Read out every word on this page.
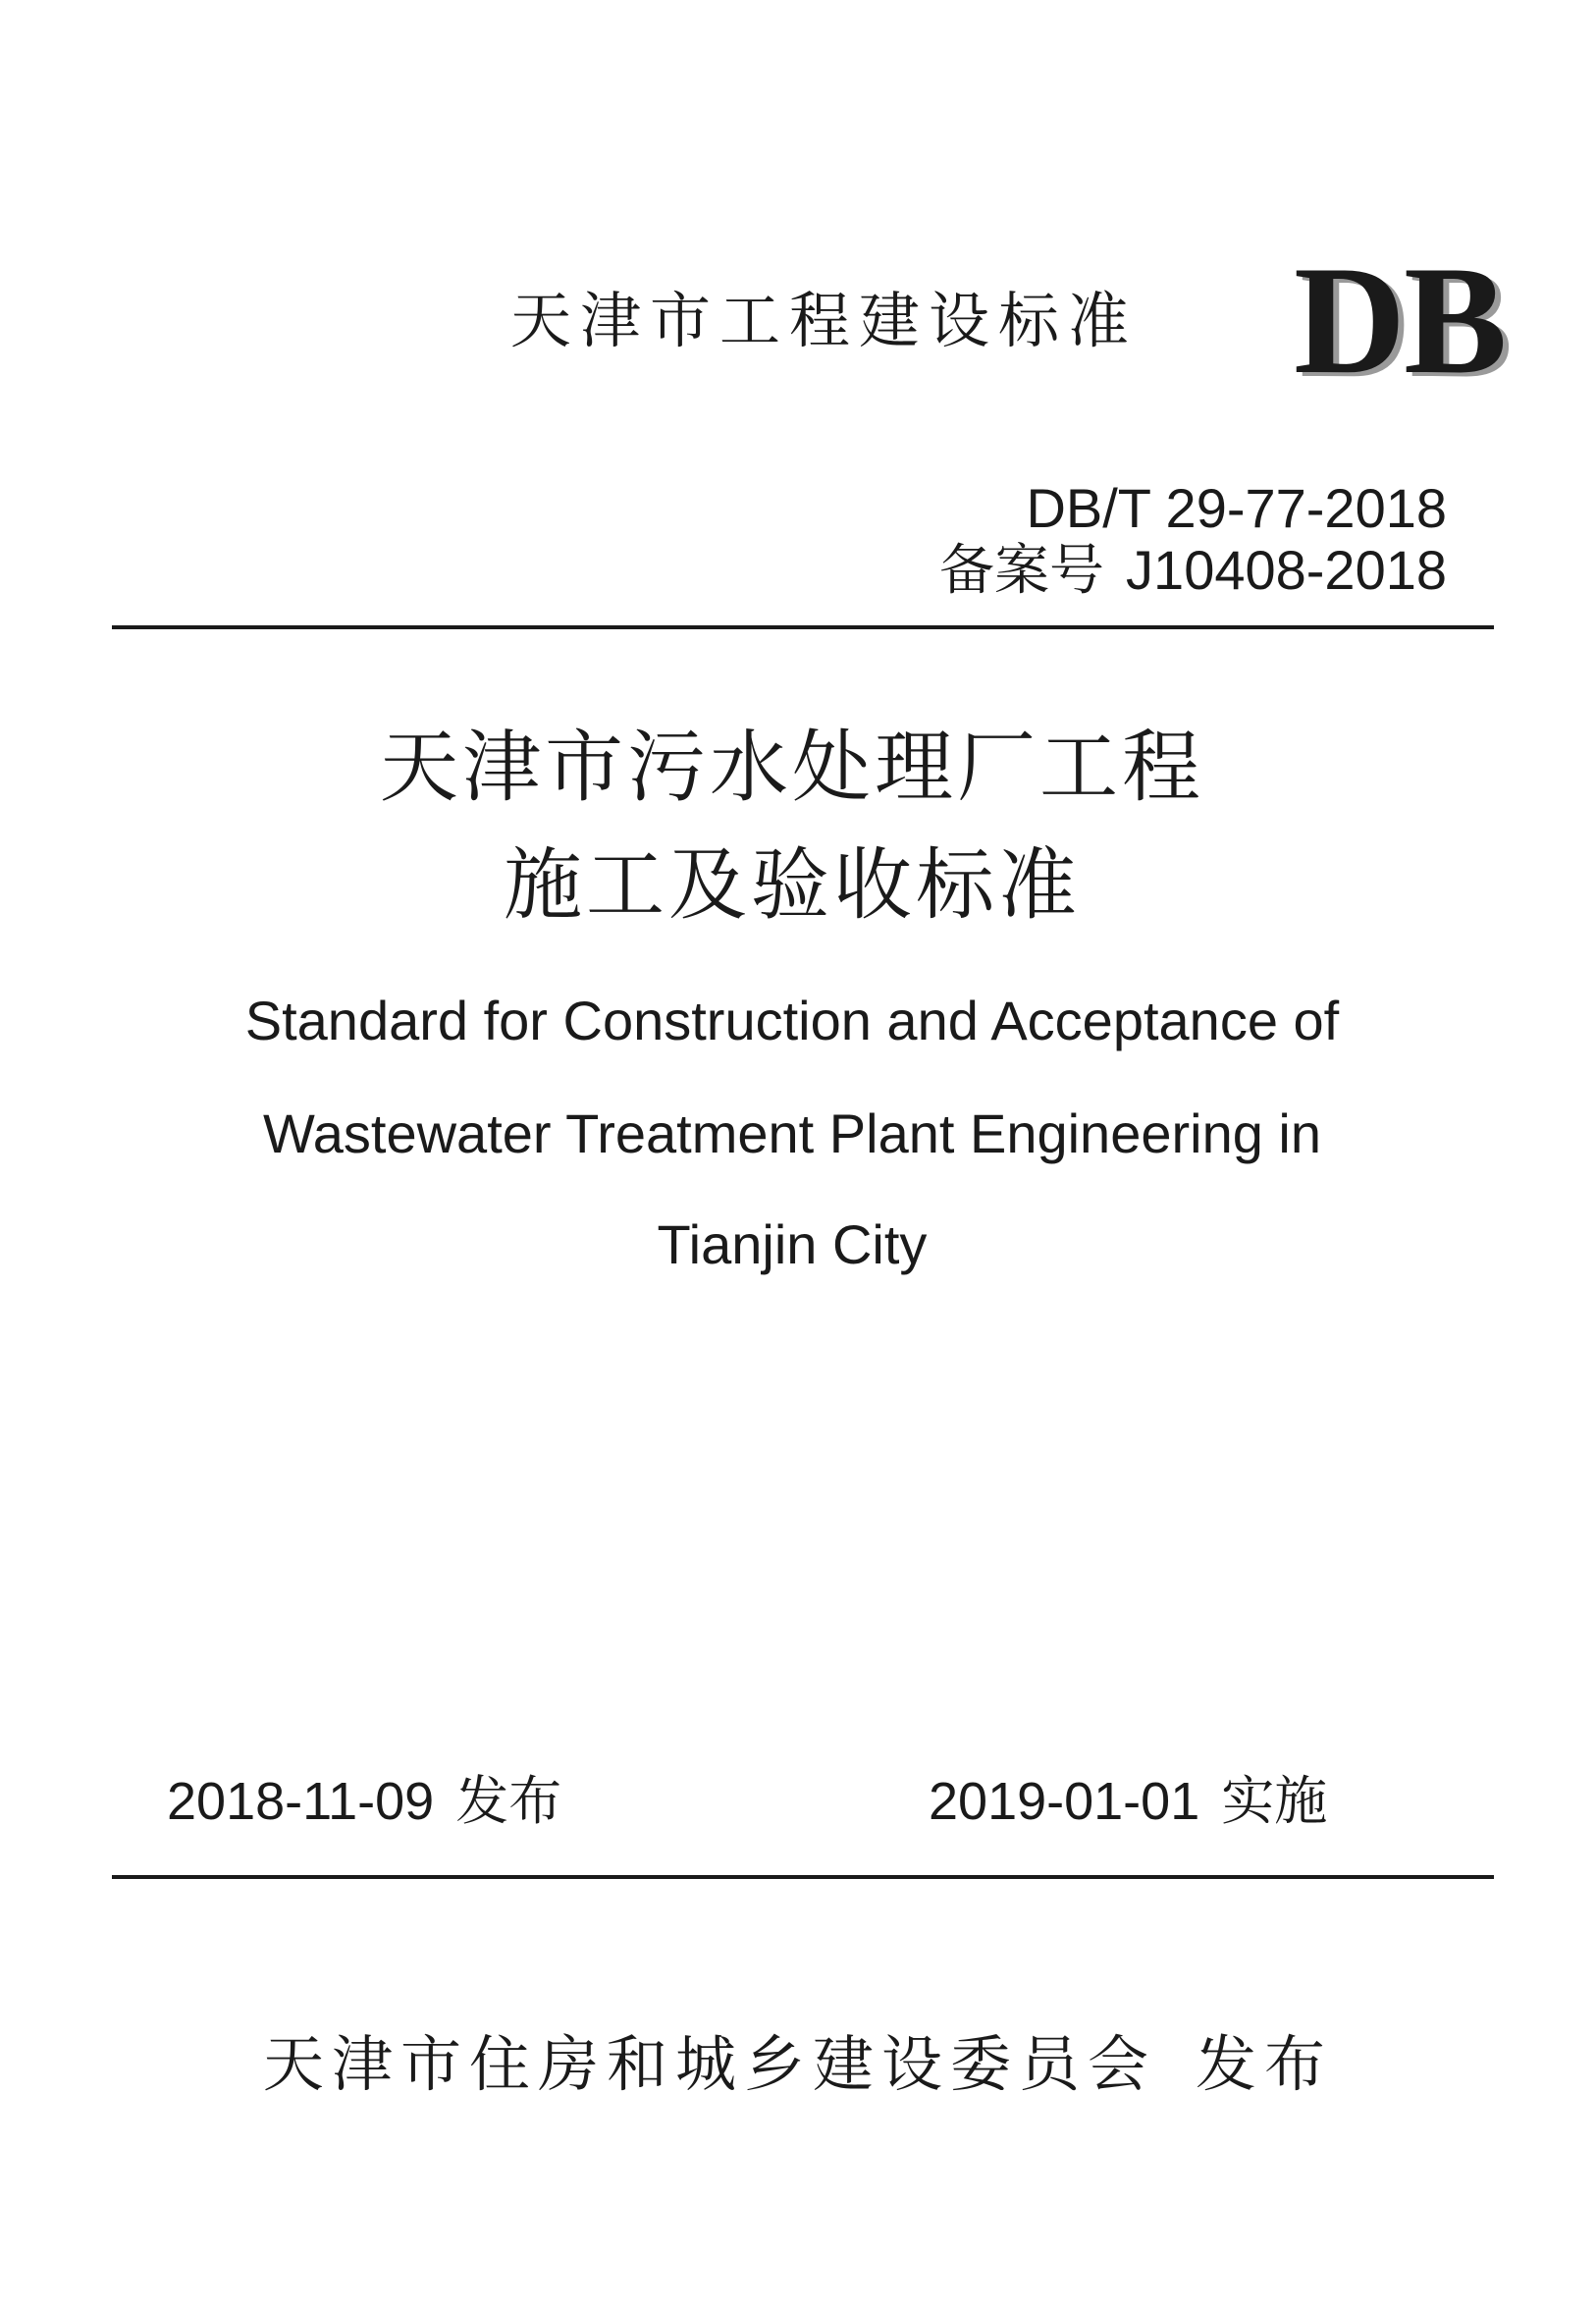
天津市工程建设标准 DB
DB/T 29-77-2018
备案号 J10408-2018
天津市污水处理厂工程
施工及验收标准
Standard for Construction and Acceptance of
Wastewater Treatment Plant Engineering in
Tianjin City
2018-11-09 发布	2019-01-01 实施
天津市住房和城乡建设委员会 发布
